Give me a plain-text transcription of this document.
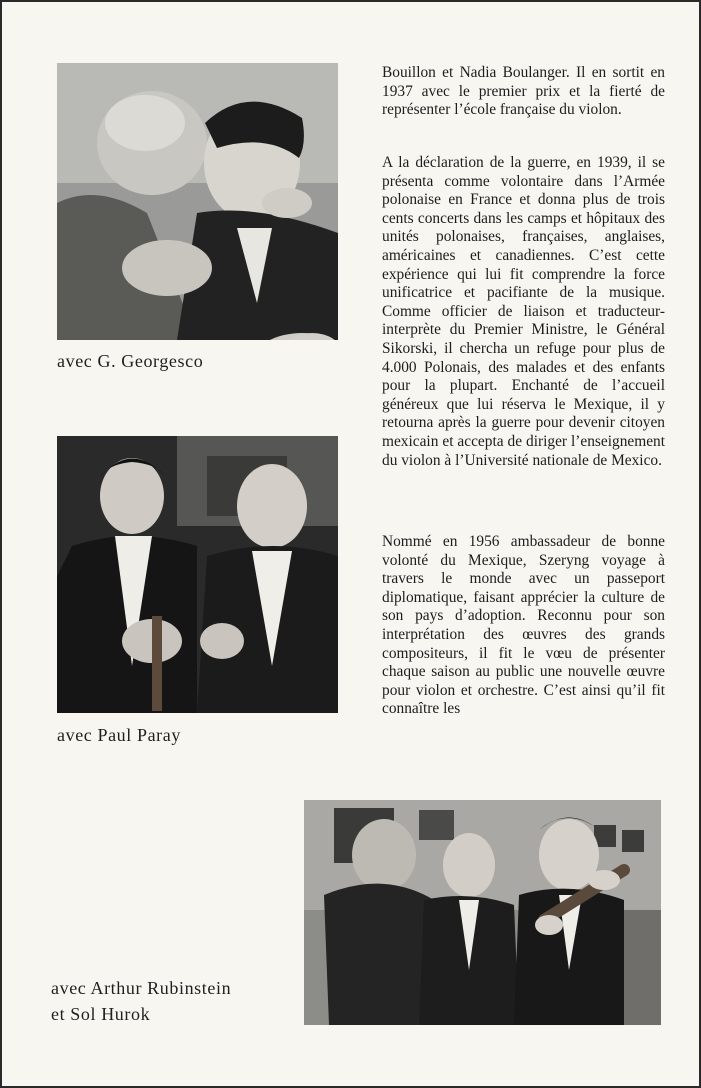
avec G. Georgesco
avec Paul Paray
avec Arthur Rubinstein
et Sol Hurok

Bouillon et Nadia Boulanger. Il en sortit en 1937 avec le premier prix et la fierté de représenter l’école française du violon.

A la déclaration de la guerre, en 1939, il se présenta comme volontaire dans l’Armée polonaise en France et donna plus de trois cents concerts dans les camps et hôpitaux des unités polonaises, françaises, anglaises, américaines et canadiennes. C’est cette expérience qui lui fit comprendre la force unificatrice et pacifiante de la musique. Comme officier de liaison et traducteur-interprète du Premier Ministre, le Général Sikorski, il chercha un refuge pour plus de 4.000 Polonais, des malades et des enfants pour la plupart. Enchanté de l’accueil généreux que lui réserva le Mexique, il y retourna après la guerre pour devenir citoyen mexicain et accepta de diriger l’enseignement du violon à l’Université nationale de Mexico.

Nommé en 1956 ambassadeur de bonne volonté du Mexique, Szeryng voyage à travers le monde avec un passeport diplomatique, faisant apprécier la culture de son pays d’adoption. Reconnu pour son interprétation des œuvres des grands compositeurs, il fit le vœu de présenter chaque saison au public une nouvelle œuvre pour violon et orchestre. C’est ainsi qu’il fit connaître les
